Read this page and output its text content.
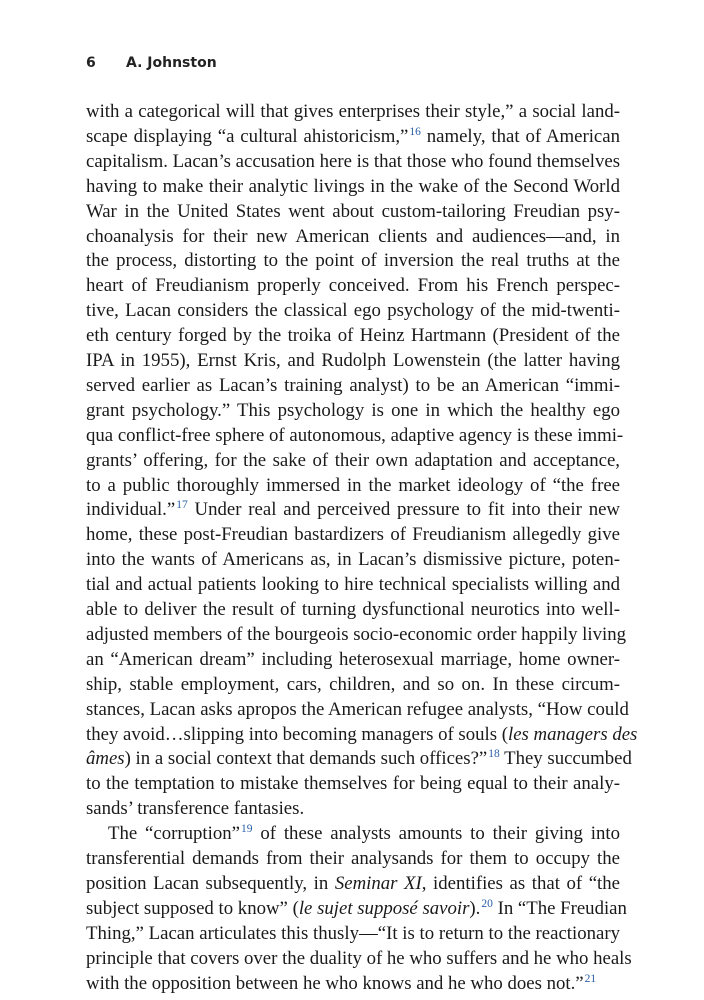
6 A. Johnston

with a categorical will that gives enterprises their style,” a social land-

scape displaying “a cultural ahistoricism,”$^{16}$ namely, that of American

capitalism. Lacan’s accusation here is that those who found themselves

having to make their analytic livings in the wake of the Second World

War in the United States went about custom-tailoring Freudian psy-

choanalysis for their new American clients and audiences—and, in

the process, distorting to the point of inversion the real truths at the

heart of Freudianism properly conceived. From his French perspec-

tive, Lacan considers the classical ego psychology of the mid-twenti-

eth century forged by the troika of Heinz Hartmann (President of the

IPA in 1955), Ernst Kris, and Rudolph Lowenstein (the latter having

served earlier as Lacan’s training analyst) to be an American “immi-

grant psychology.” This psychology is one in which the healthy ego

qua conflict-free sphere of autonomous, adaptive agency is these immi-

grants’ offering, for the sake of their own adaptation and acceptance,

to a public thoroughly immersed in the market ideology of “the free

individual.”$^{17}$ Under real and perceived pressure to fit into their new

home, these post-Freudian bastardizers of Freudianism allegedly give

into the wants of Americans as, in Lacan’s dismissive picture, poten-

tial and actual patients looking to hire technical specialists willing and

able to deliver the result of turning dysfunctional neurotics into well-

adjusted members of the bourgeois socio-economic order happily living

an “American dream” including heterosexual marriage, home owner-

ship, stable employment, cars, children, and so on. In these circum-

stances, Lacan asks apropos the American refugee analysts, “How could

they avoid…slipping into becoming managers of souls (les managers des

âmes) in a social context that demands such offices?”$^{18}$ They succumbed

to the temptation to mistake themselves for being equal to their analy-

sands’ transference fantasies.

The “corruption”$^{19}$ of these analysts amounts to their giving into

transferential demands from their analysands for them to occupy the

position Lacan subsequently, in Seminar XI, identifies as that of “the

subject supposed to know” (le sujet supposé savoir).$^{20}$ In “The Freudian

Thing,” Lacan articulates this thusly—“It is to return to the reactionary

principle that covers over the duality of he who suffers and he who heals

with the opposition between he who knows and he who does not.”$^{21}$
